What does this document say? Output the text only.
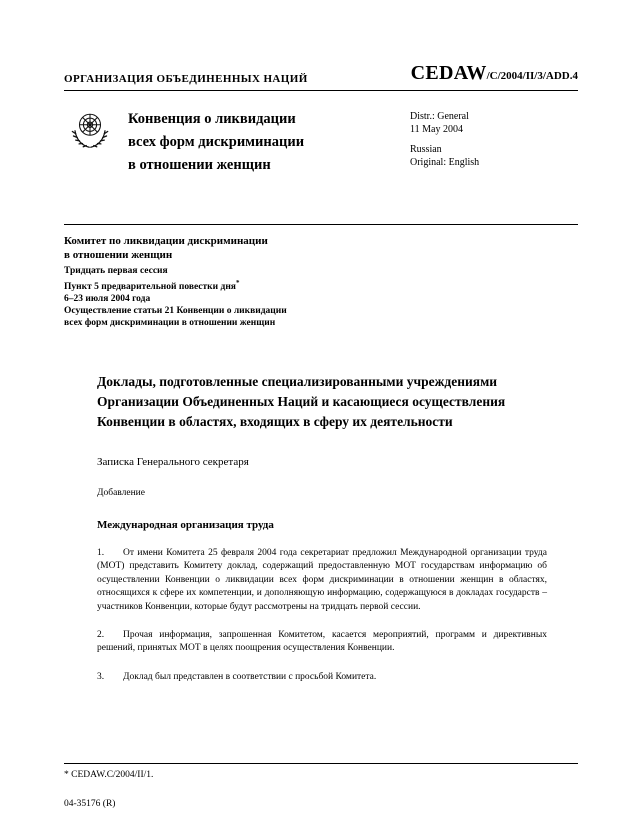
ОРГАНИЗАЦИЯ ОБЪЕДИНЕННЫХ НАЦИЙ	CEDAW/C/2004/II/3/ADD.4
Конвенция о ликвидации
всех форм дискриминации
в отношении женщин
Distr.: General
11 May 2004
Russian
Original: English
Комитет по ликвидации дискриминации
в отношении женщин
Тридцать первая сессия
Пункт 5 предварительной повестки дня*
6–23 июля 2004 года
Осуществление статьи 21 Конвенции о ликвидации
всех форм дискриминации в отношении женщин
Доклады, подготовленные специализированными учреждениями Организации Объединенных Наций и касающиеся осуществления Конвенции в областях, входящих в сферу их деятельности

Записка Генерального секретаря

Добавление

Международная организация труда

1. От имени Комитета 25 февраля 2004 года секретариат предложил Международной организации труда (МОТ) представить Комитету доклад, содержащий предоставленную МОТ государствам информацию об осуществлении Конвенции о ликвидации всех форм дискриминации в отношении женщин в областях, относящихся к сфере их компетенции, и дополняющую информацию, содержащуюся в докладах государств – участников Конвенции, которые будут рассмотрены на тридцать первой сессии.

2. Прочая информация, запрошенная Комитетом, касается мероприятий, программ и директивных решений, принятых МОТ в целях поощрения осуществления Конвенции.

3. Доклад был представлен в соответствии с просьбой Комитета.

* CEDAW.C/2004/II/1.
04-35176 (R)
